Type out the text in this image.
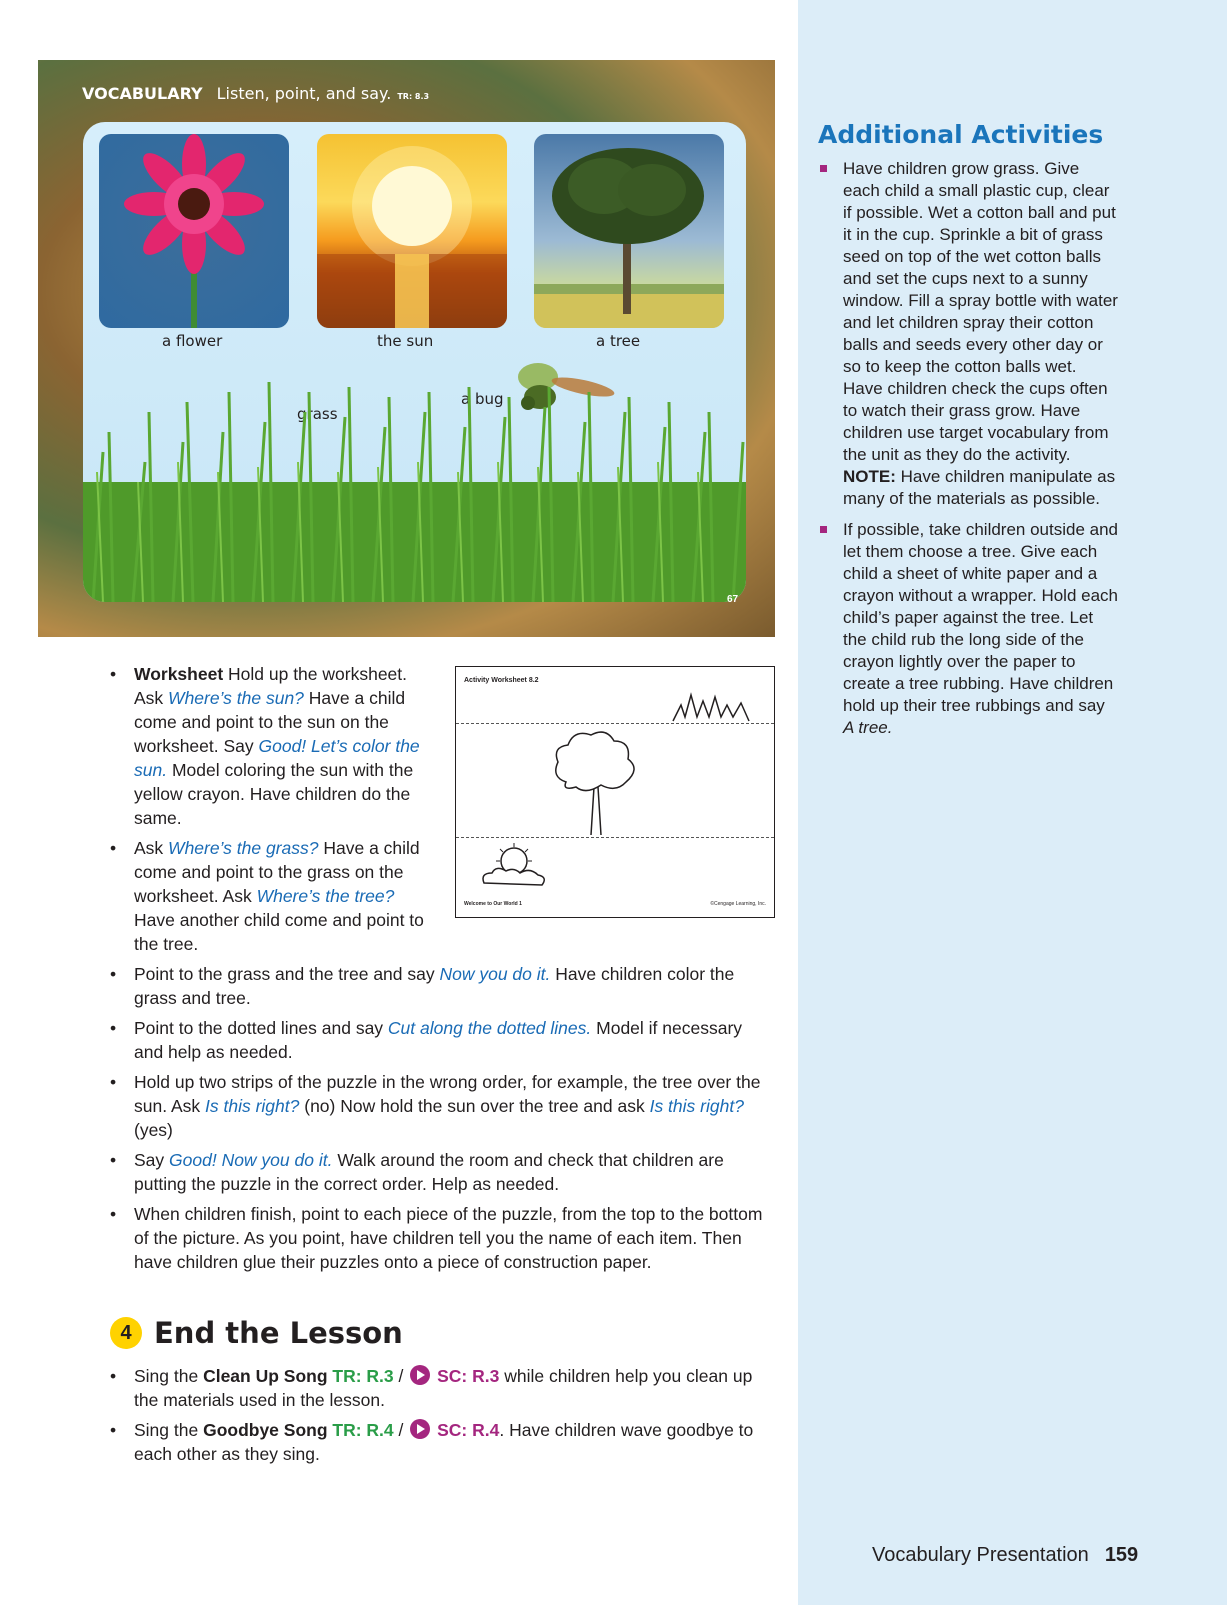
Additional Activities
Have children grow grass. Give each child a small plastic cup, clear if possible. Wet a cotton ball and put it in the cup. Sprinkle a bit of grass seed on top of the wet cotton balls and set the cups next to a sunny window. Fill a spray bottle with water and let children spray their cotton balls and seeds every other day or so to keep the cotton balls wet. Have children check the cups often to watch their grass grow. Have children use target vocabulary from the unit as they do the activity. NOTE: Have children manipulate as many of the materials as possible.
If possible, take children outside and let them choose a tree. Give each child a sheet of white paper and a crayon without a wrapper. Hold each child’s paper against the tree. Let the child rub the long side of the crayon lightly over the paper to create a tree rubbing. Have children hold up their tree rubbings and say A tree.
Vocabulary Presentation 159
VOCABULARY Listen, point, and say. TR: 8.3
a flower	the sun	a tree
a bug
grass
67
Activity Worksheet 8.2
Welcome to Our World 1	©Cengage Learning, Inc.
• Worksheet Hold up the worksheet. Ask Where’s the sun? Have a child come and point to the sun on the worksheet. Say Good! Let’s color the sun. Model coloring the sun with the yellow crayon. Have children do the same.
• Ask Where’s the grass? Have a child come and point to the grass on the worksheet. Ask Where’s the tree? Have another child come and point to the tree.
• Point to the grass and the tree and say Now you do it. Have children color the grass and tree.
• Point to the dotted lines and say Cut along the dotted lines. Model if necessary and help as needed.
• Hold up two strips of the puzzle in the wrong order, for example, the tree over the sun. Ask Is this right? (no) Now hold the sun over the tree and ask Is this right? (yes)
• Say Good! Now you do it. Walk around the room and check that children are putting the puzzle in the correct order. Help as needed.
• When children finish, point to each piece of the puzzle, from the top to the bottom of the picture. As you point, have children tell you the name of each item. Then have children glue their puzzles onto a piece of construction paper.
4 End the Lesson
• Sing the Clean Up Song TR: R.3 /  SC: R.3 while children help you clean up the materials used in the lesson.
• Sing the Goodbye Song TR: R.4 /  SC: R.4. Have children wave goodbye to each other as they sing.
